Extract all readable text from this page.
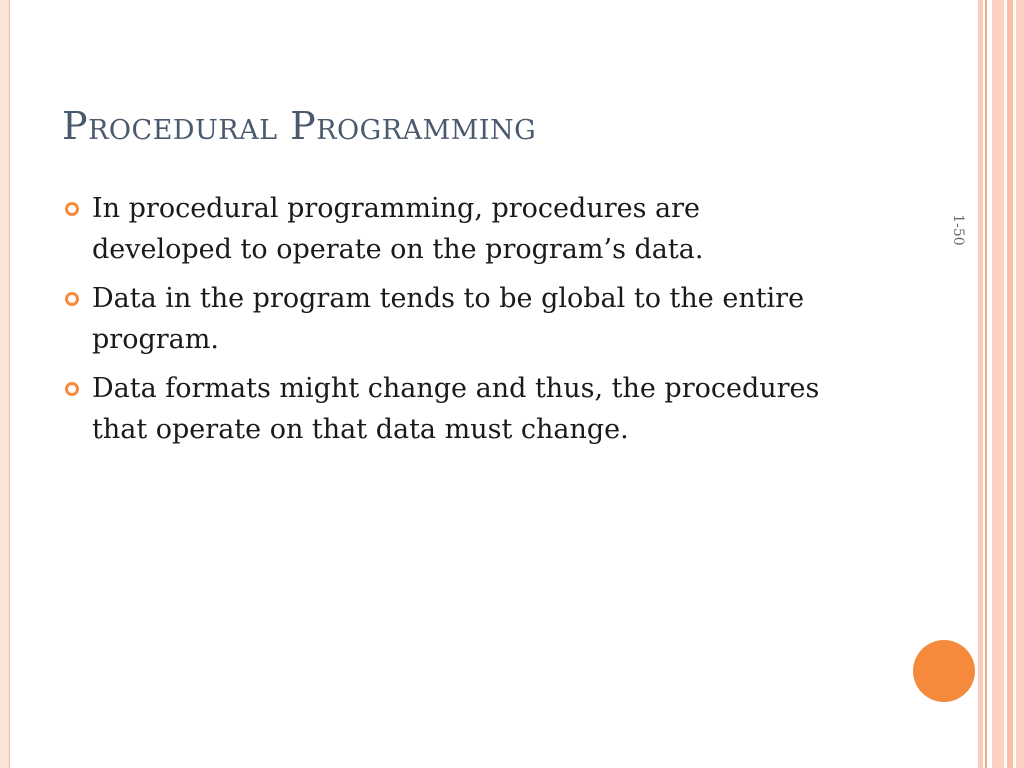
Procedural Programming
In procedural programming, procedures are developed to operate on the program’s data.
Data in the program tends to be global to the entire program.
Data formats might change and thus, the procedures that operate on that data must change.
1-50
